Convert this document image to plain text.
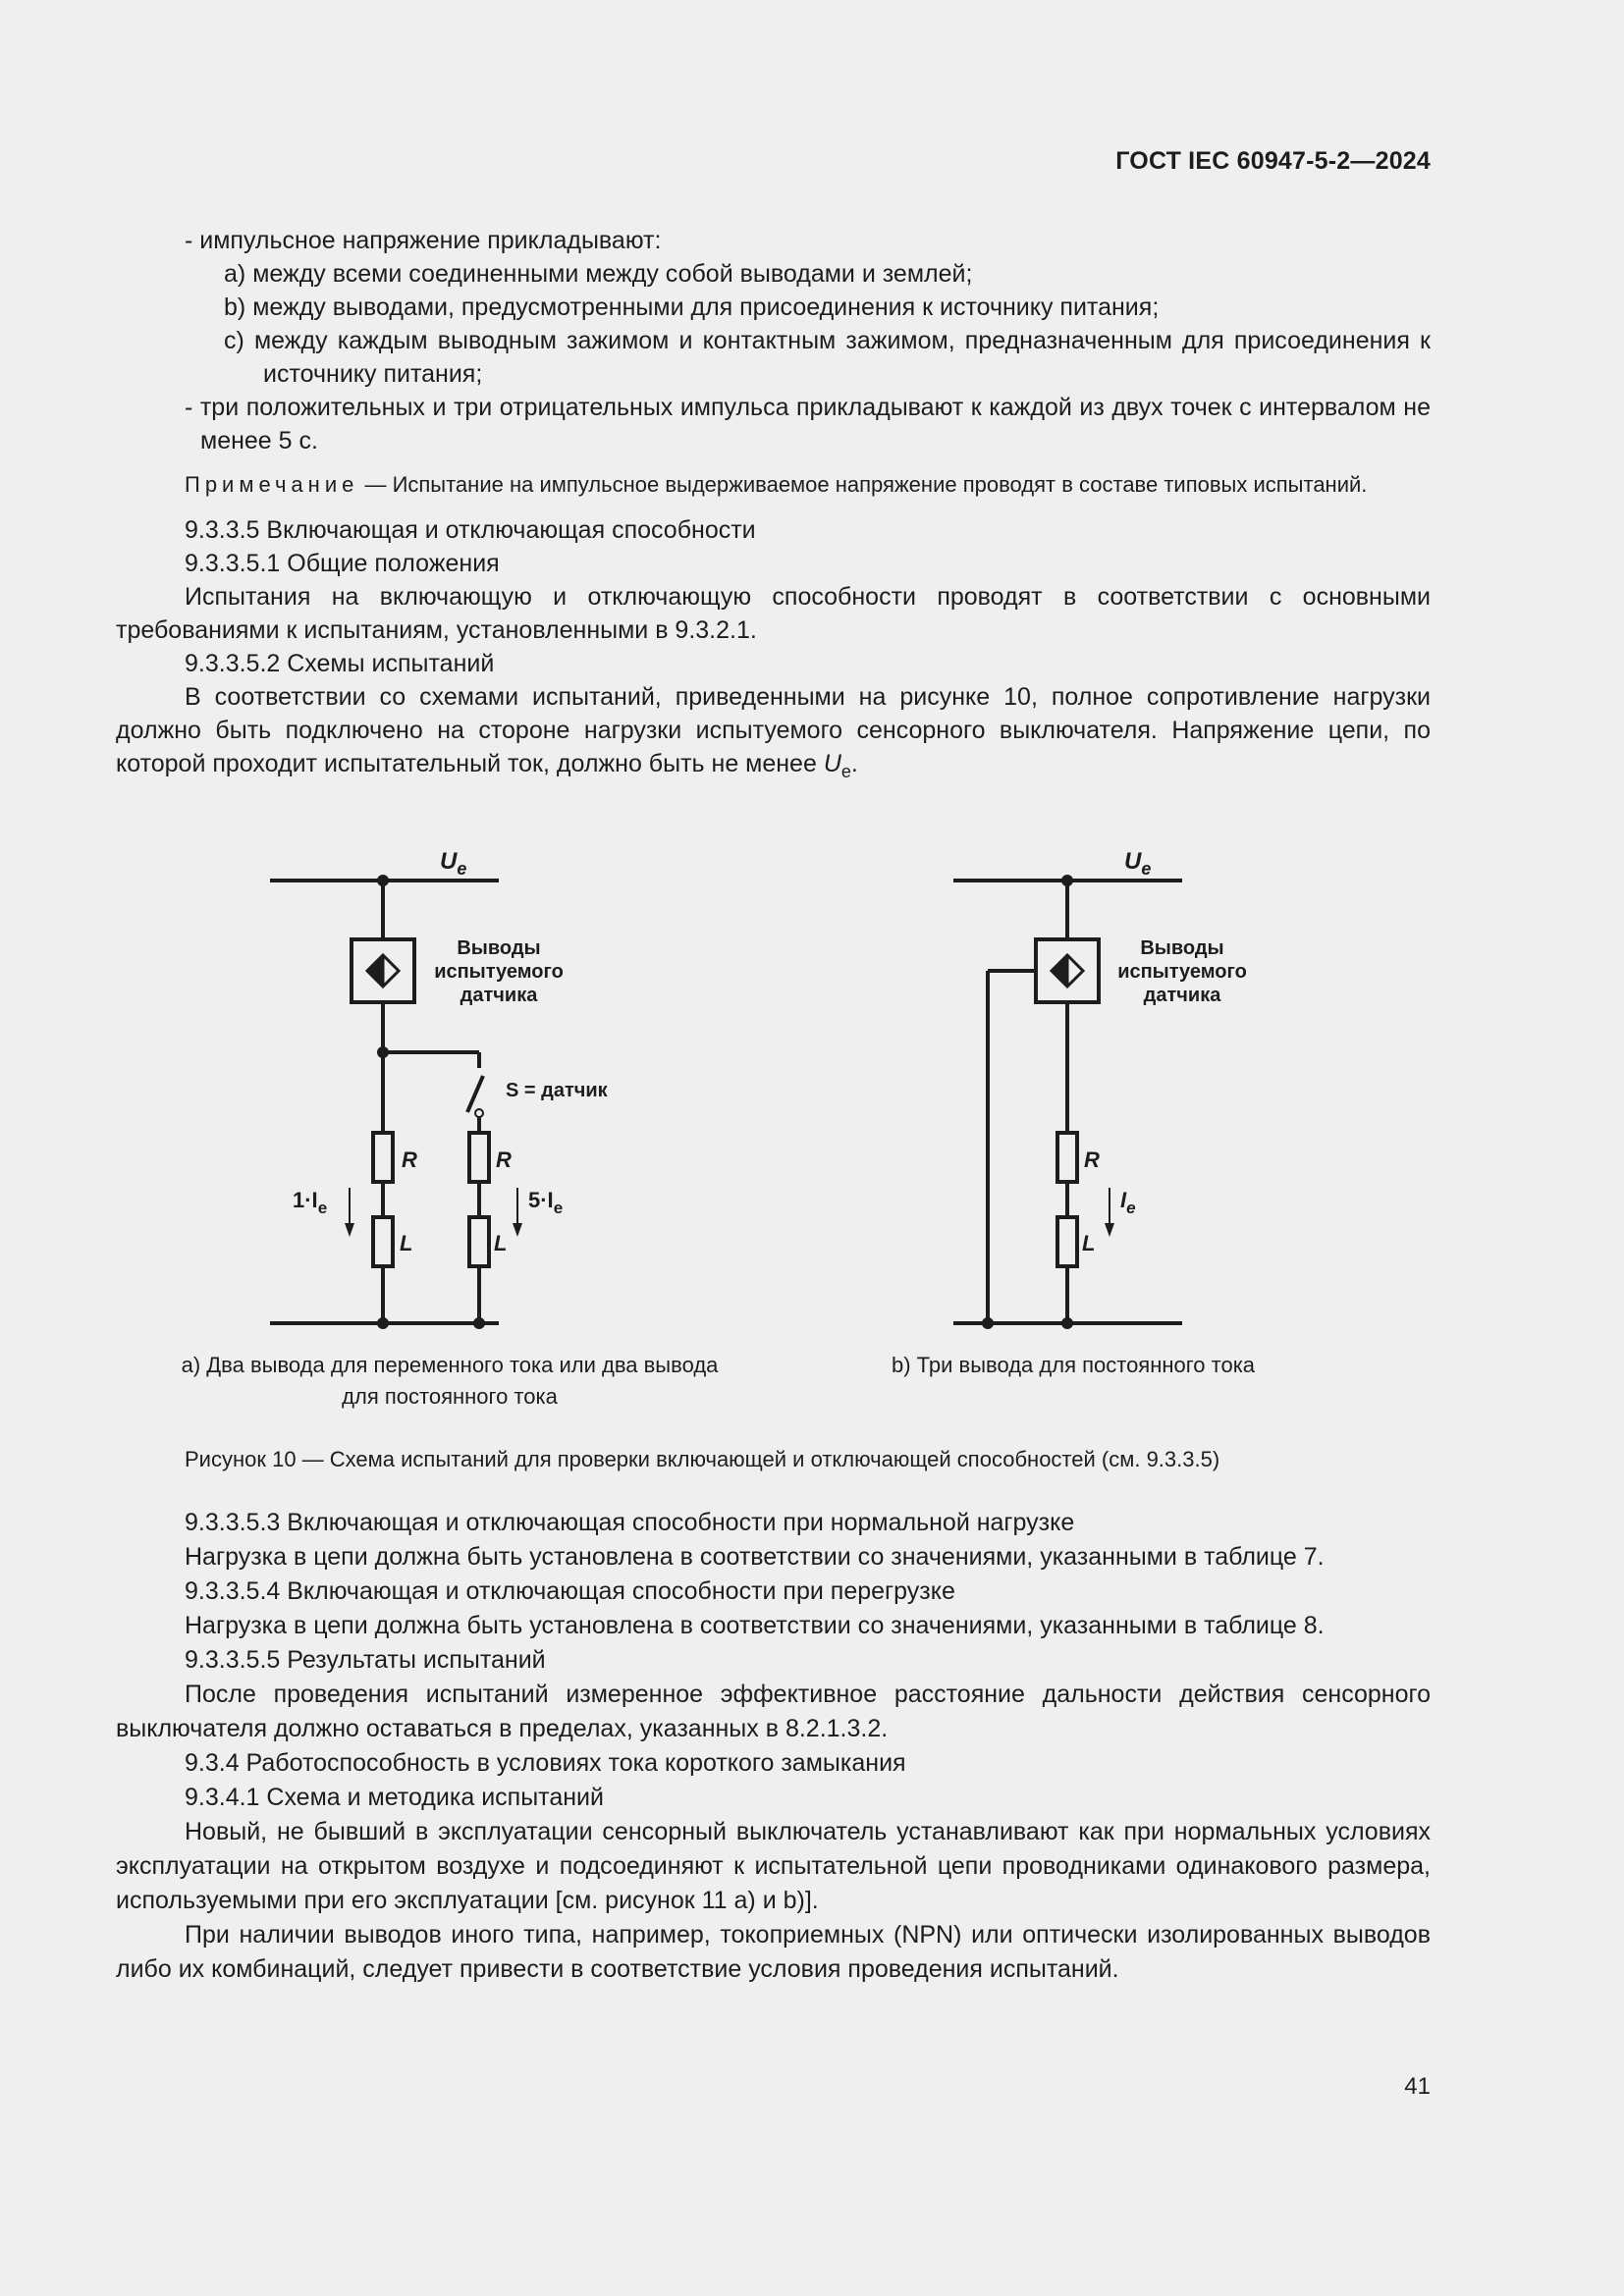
ГОСТ IEC 60947-5-2—2024

- импульсное напряжение прикладывают:

a) между всеми соединенными между собой выводами и землей;

b) между выводами, предусмотренными для присоединения к источнику питания;

c) между каждым выводным зажимом и контактным зажимом, предназначенным для присоединения к источнику питания;

- три положительных и три отрицательных импульса прикладывают к каждой из двух точек с интервалом не менее 5 с.

Примечание — Испытание на импульсное выдерживаемое напряжение проводят в составе типовых испытаний.

9.3.3.5 Включающая и отключающая способности

9.3.3.5.1 Общие положения

Испытания на включающую и отключающую способности проводят в соответствии с основными требованиями к испытаниям, установленными в 9.3.2.1.

9.3.3.5.2 Схемы испытаний

В соответствии со схемами испытаний, приведенными на рисунке 10, полное сопротивление нагрузки должно быть подключено на стороне нагрузки испытуемого сенсорного выключателя. Напряжение цепи, по которой проходит испытательный ток, должно быть не менее $U_e$.

$U_e$
Выводы
испытуемого
датчика
S = датчик
R
L
R
L
$1\cdot I_e$	$5\cdot I_e$
$U_e$
Выводы
испытуемого
датчика
R
L
$I_e$
a) Два вывода для переменного тока или два вывода
для постоянного тока
b) Три вывода для постоянного тока
Рисунок 10 — Схема испытаний для проверки включающей и отключающей способностей (см. 9.3.3.5)

9.3.3.5.3 Включающая и отключающая способности при нормальной нагрузке

Нагрузка в цепи должна быть установлена в соответствии со значениями, указанными в таблице 7.

9.3.3.5.4 Включающая и отключающая способности при перегрузке

Нагрузка в цепи должна быть установлена в соответствии со значениями, указанными в таблице 8.

9.3.3.5.5 Результаты испытаний

После проведения испытаний измеренное эффективное расстояние дальности действия сенсорного выключателя должно оставаться в пределах, указанных в 8.2.1.3.2.

9.3.4 Работоспособность в условиях тока короткого замыкания

9.3.4.1 Схема и методика испытаний

Новый, не бывший в эксплуатации сенсорный выключатель устанавливают как при нормальных условиях эксплуатации на открытом воздухе и подсоединяют к испытательной цепи проводниками одинакового размера, используемыми при его эксплуатации [см. рисунок 11 а) и b)].

При наличии выводов иного типа, например, токоприемных (NPN) или оптически изолированных выводов либо их комбинаций, следует привести в соответствие условия проведения испытаний.

41
